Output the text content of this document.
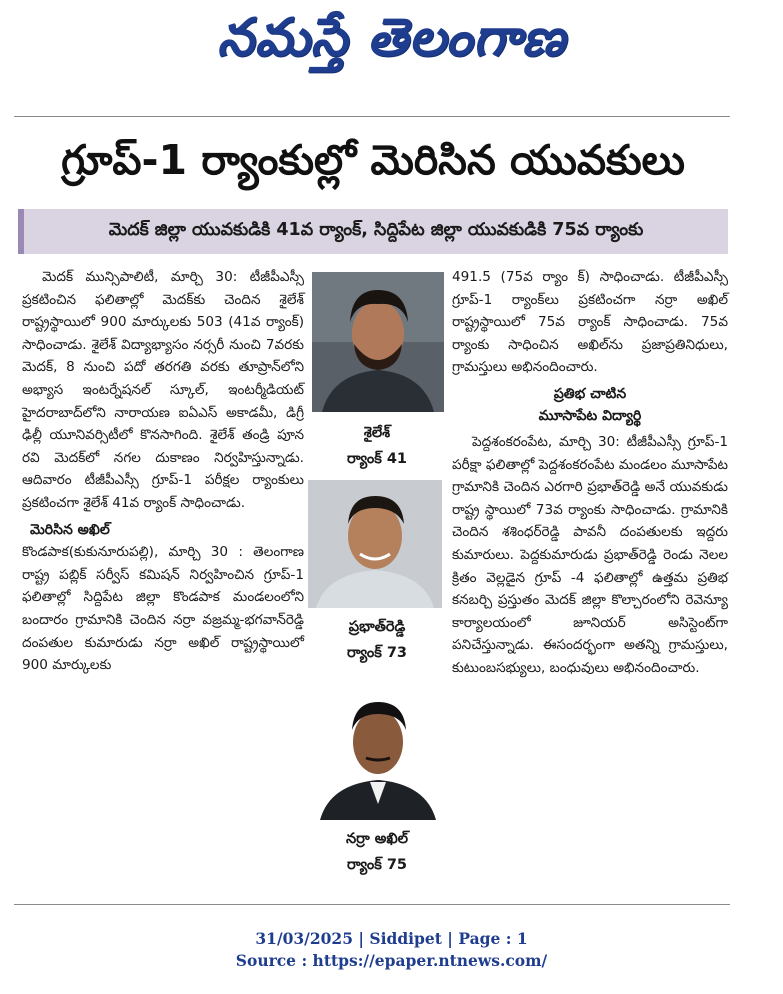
నమస్తే తెలంగాణ
గ్రూప్‌-1 ర్యాంకుల్లో మెరిసిన యువకులు
మెదక్‌ జిల్లా యువకుడికి 41వ ర్యాంక్‌, సిద్దిపేట జిల్లా యువకుడికి 75వ ర్యాంకు

మెదక్‌ మున్సిపాలిటీ, మార్చి 30: టీజీపీఎస్సీ ప్రకటించిన ఫలితాల్లో మెదక్‌కు చెందిన శైలేశ్‌ రాష్ట్రస్థాయిలో 900 మార్కులకు 503 (41వ ర్యాంక్‌) సాధించాడు. శైలేశ్‌ విద్యాభ్యాసం నర్సరీ నుంచి 7వరకు మెదక్‌, 8 నుంచి పదో తరగతి వరకు తూప్రాన్‌లోని అభ్యాస ఇంటర్నేషనల్‌ స్కూల్‌, ఇంటర్మీడియట్‌ హైదరాబాద్‌లోని నారాయణ ఐఏఎస్‌ అకాడమీ, డిగ్రీ ఢిల్లీ యూనివర్సిటీలో కొనసాగింది. శైలేశ్‌ తండ్రి పూన రవి మెదక్‌లో నగల దుకాణం నిర్వహిస్తున్నాడు. ఆదివారం టీజీపీఎస్సీ గ్రూప్‌-1 పరీక్షల ర్యాంకులు ప్రకటించగా శైలేశ్‌ 41వ ర్యాంక్‌ సాధించాడు.

మెరిసిన అఖిల్‌

కొండపాక(కుకునూరుపల్లి), మార్చి 30 : తెలంగాణ రాష్ట్ర పబ్లిక్‌ సర్వీస్‌ కమిషన్‌ నిర్వహించిన గ్రూప్‌-1 ఫలితాల్లో సిద్దిపేట జిల్లా కొండపాక మండలంలోని బందారం గ్రామానికి చెందిన నర్రా వజ్రమ్మ-భగవాన్‌రెడ్డి దంపతుల కుమారుడు నర్రా అఖిల్‌ రాష్ట్రస్థాయిలో 900 మార్కులకు

శైలేశ్‌
ర్యాంక్‌ 41
ప్రభాత్‌రెడ్డి
ర్యాంక్‌ 73
నర్రా అఖిల్‌
ర్యాంక్‌ 75

491.5 (75వ ర్యాం క్‌) సాధించాడు. టీజీపీఎస్సీ గ్రూప్‌-1 ర్యాంక్‌లు ప్రకటించగా నర్రా అఖిల్‌ రాష్ట్రస్థాయిలో 75వ ర్యాంక్‌ సాధించాడు. 75వ ర్యాంకు సాధించిన అఖిల్‌ను ప్రజాప్రతినిధులు, గ్రామస్తులు అభినందించారు.

ప్రతిభ చాటిన
మూసాపేట విద్యార్థి

పెద్దశంకరంపేట, మార్చి 30: టీజీపీఎస్సీ గ్రూప్‌-1 పరీక్షా ఫలితాల్లో పెద్దశంకరంపేట మండలం మూసాపేట గ్రామానికి చెందిన ఎరగారి ప్రభాత్‌రెడ్డి అనే యువకుడు రాష్ట్ర స్థాయిలో 73వ ర్యాంకు సాధించాడు. గ్రామానికి చెందిన శశింధర్‌రెడ్డి పావనీ దంపతులకు ఇద్దరు కుమారులు. పెద్దకుమారుడు ప్రభాత్‌రెడ్డి రెండు నెలల క్రితం వెల్లడైన గ్రూప్‌ -4 ఫలితాల్లో ఉత్తమ ప్రతిభ కనబర్చి ప్రస్తుతం మెదక్‌ జిల్లా కొల్చారంలోని రెవెన్యూ కార్యాలయంలో జూనియర్‌ అసిస్టెంట్‌గా పనిచేస్తున్నాడు. ఈసందర్భంగా అతన్ని గ్రామస్తులు, కుటుంబసభ్యులు, బంధువులు అభినందించారు.

31/03/2025 | Siddipet | Page : 1
Source : https://epaper.ntnews.com/
